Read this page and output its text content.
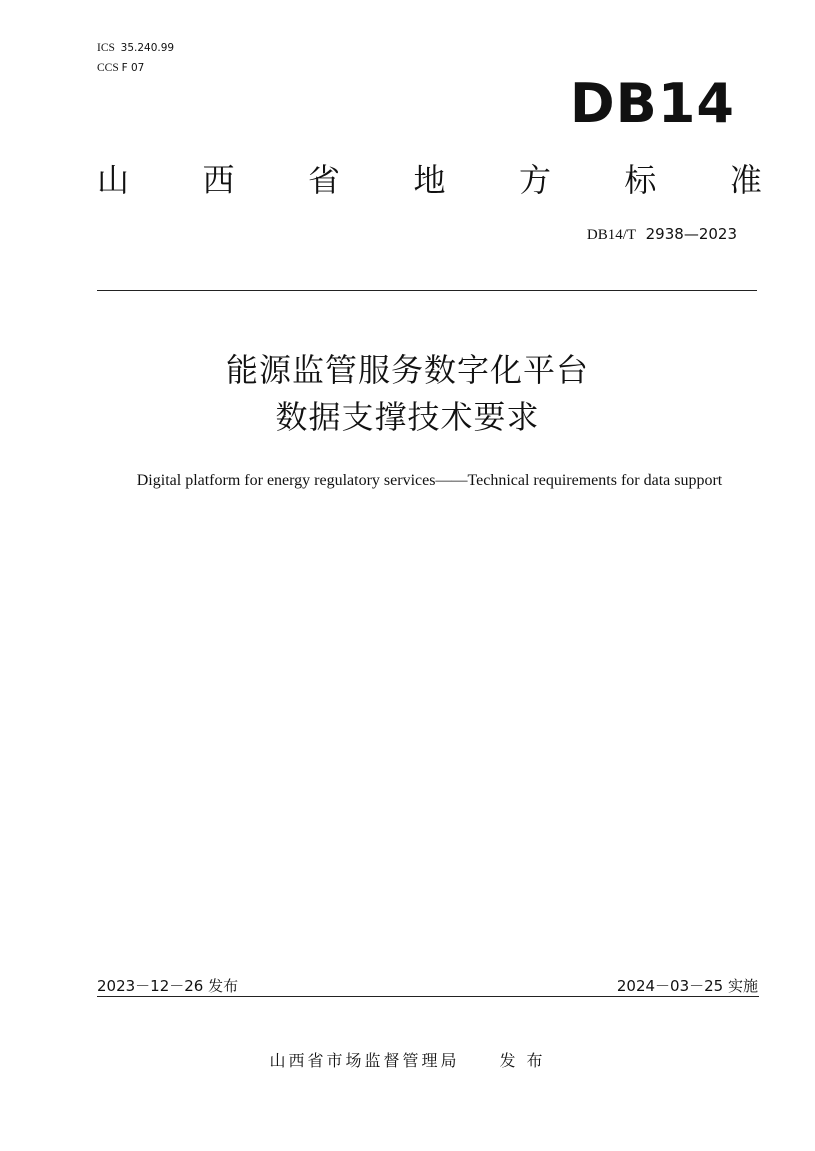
ICS 35.240.99
CCS F 07
DB14
山 西 省 地 方 标 准
DB14/T 2938—2023
能源监管服务数字化平台
数据支撑技术要求
Digital platform for energy regulatory services——Technical requirements for data support
2023－12－26 发布	2024－03－25 实施
山西省市场监督管理局	发 布
